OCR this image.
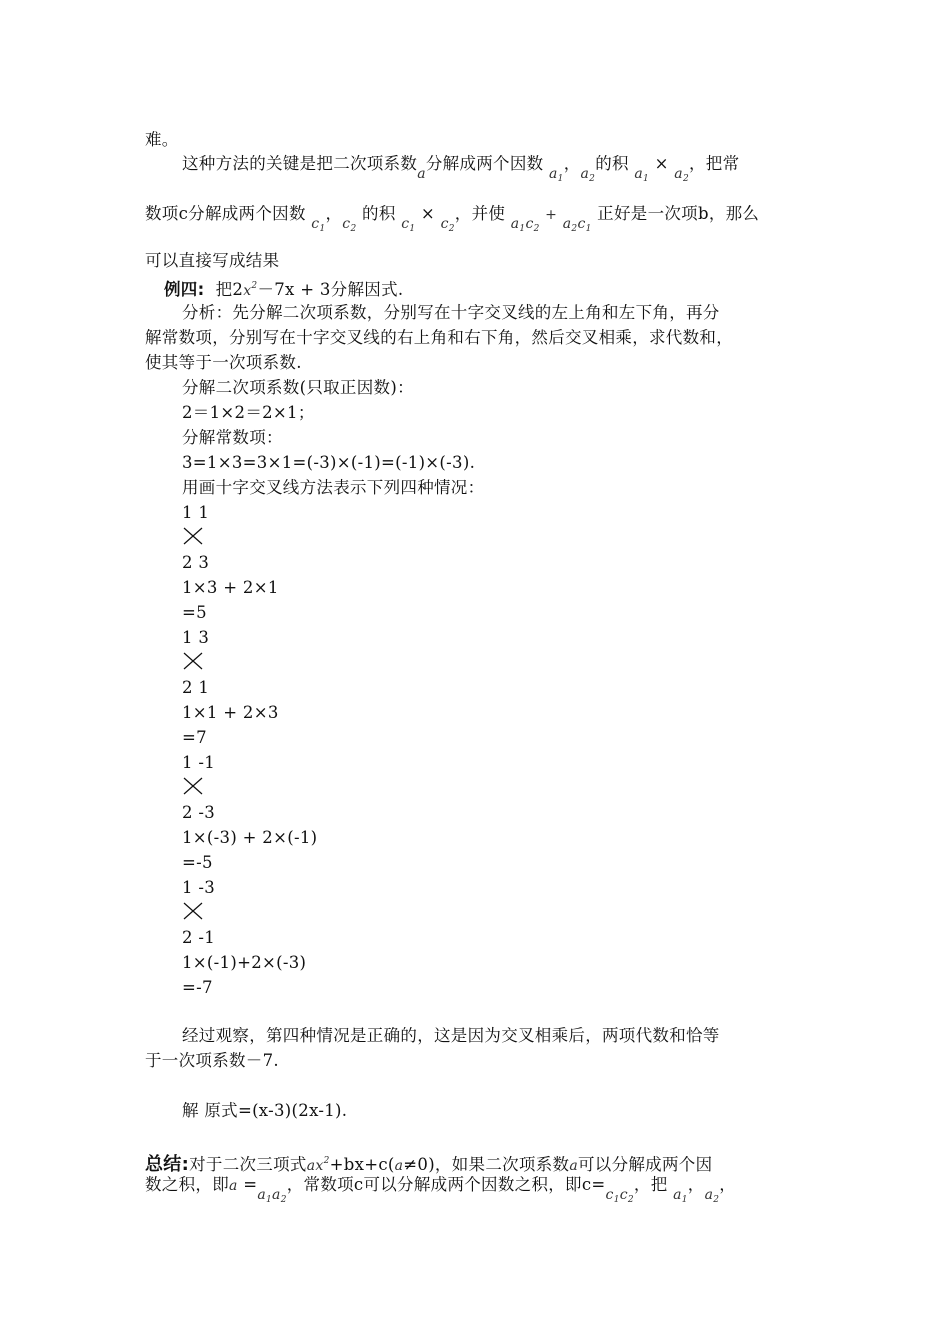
难。
这种方法的关键是把二次项系数$_a$分解成两个因数 $_{a_1}$，$_{a_2}$的积 $_{a_1}$ × $_{a_2}$，把常
数项c分解成两个因数 $_{c_1}$，$_{c_2}$ 的积 $_{c_1}$ × $_{c_2}$，并使 $_{a_1c_2}$ + $_{a_2c_1}$ 正好是一次项b，那么
可以直接写成结果
例四: 把$2x^2-7x + 3$分解因式.
分析：先分解二次项系数，分别写在十字交叉线的左上角和左下角，再分
解常数项，分别写在十字交叉线的右上角和右下角，然后交叉相乘，求代数和，
使其等于一次项系数.
分解二次项系数(只取正因数)：
2＝1×2＝2×1；
分解常数项：
3=1×3=3×1=(-3)×(-1)=(-1)×(-3).
用画十字交叉线方法表示下列四种情况：
1 1
2 3
1×3 + 2×1
=5
1 3
2 1
1×1 + 2×3
=7
1 -1
2 -3
1×(-3) + 2×(-1)
=-5
1 -3
2 -1
1×(-1)+2×(-3)
=-7
经过观察，第四种情况是正确的，这是因为交叉相乘后，两项代数和恰等
于一次项系数－7.
解 原式=(x-3)(2x-1).
总结:对于二次三项式$ax^2+bx+c(a\ne 0)$，如果二次项系数a可以分解成两个因
数之积，即$a =_{a_1a_2}$，常数项c可以分解成两个因数之积，即$c=_{c_1c_2}$，把 $_{a_1}$，$_{a_2}$，
